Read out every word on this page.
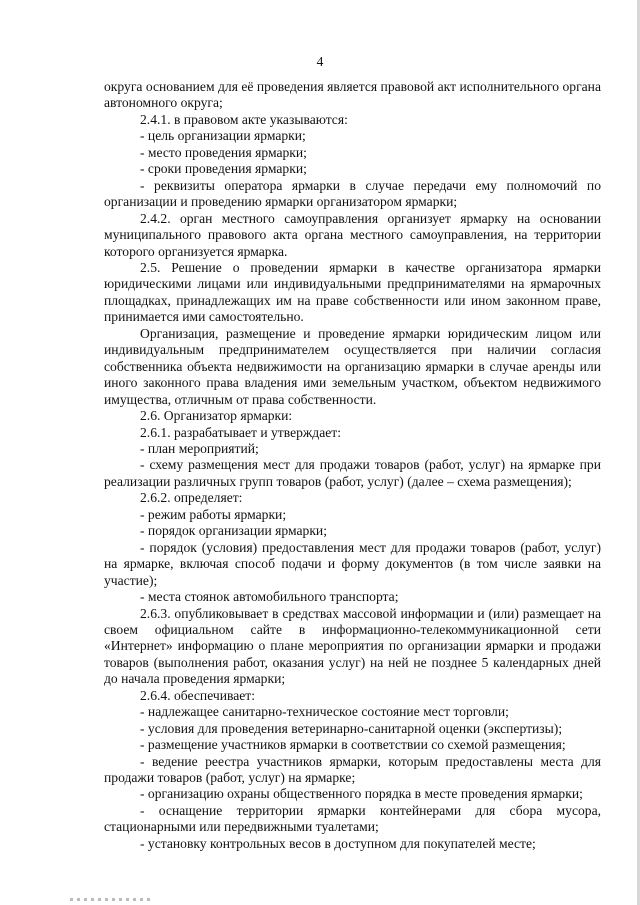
4

округа основанием для её проведения является правовой акт исполнительного органа автономного округа;

2.4.1. в правовом акте указываются:

- цель организации ярмарки;

- место проведения ярмарки;

- сроки проведения ярмарки;

- реквизиты оператора ярмарки в случае передачи ему полномочий по организации и проведению ярмарки организатором ярмарки;

2.4.2. орган местного самоуправления организует ярмарку на основании муниципального правового акта органа местного самоуправления, на территории которого организуется ярмарка.

2.5. Решение о проведении ярмарки в качестве организатора ярмарки юридическими лицами или индивидуальными предпринимателями на ярмарочных площадках, принадлежащих им на праве собственности или ином законном праве, принимается ими самостоятельно.

Организация, размещение и проведение ярмарки юридическим лицом или индивидуальным предпринимателем осуществляется при наличии согласия собственника объекта недвижимости на организацию ярмарки в случае аренды или иного законного права владения ими земельным участком, объектом недвижимого имущества, отличным от права собственности.

2.6. Организатор ярмарки:

2.6.1. разрабатывает и утверждает:

- план мероприятий;

- схему размещения мест для продажи товаров (работ, услуг) на ярмарке при реализации различных групп товаров (работ, услуг) (далее – схема размещения);

2.6.2. определяет:

- режим работы ярмарки;

- порядок организации ярмарки;

- порядок (условия) предоставления мест для продажи товаров (работ, услуг) на ярмарке, включая способ подачи и форму документов (в том числе заявки на участие);

- места стоянок автомобильного транспорта;

2.6.3. опубликовывает в средствах массовой информации и (или) размещает на своем официальном сайте в информационно-телекоммуникационной сети «Интернет» информацию о плане мероприятия по организации ярмарки и продажи товаров (выполнения работ, оказания услуг) на ней не позднее 5 календарных дней до начала проведения ярмарки;

2.6.4. обеспечивает:

- надлежащее санитарно-техническое состояние мест торговли;

- условия для проведения ветеринарно-санитарной оценки (экспертизы);

- размещение участников ярмарки в соответствии со схемой размещения;

- ведение реестра участников ярмарки, которым предоставлены места для продажи товаров (работ, услуг) на ярмарке;

- организацию охраны общественного порядка в месте проведения ярмарки;

- оснащение территории ярмарки контейнерами для сбора мусора, стационарными или передвижными туалетами;

- установку контрольных весов в доступном для покупателей месте;
